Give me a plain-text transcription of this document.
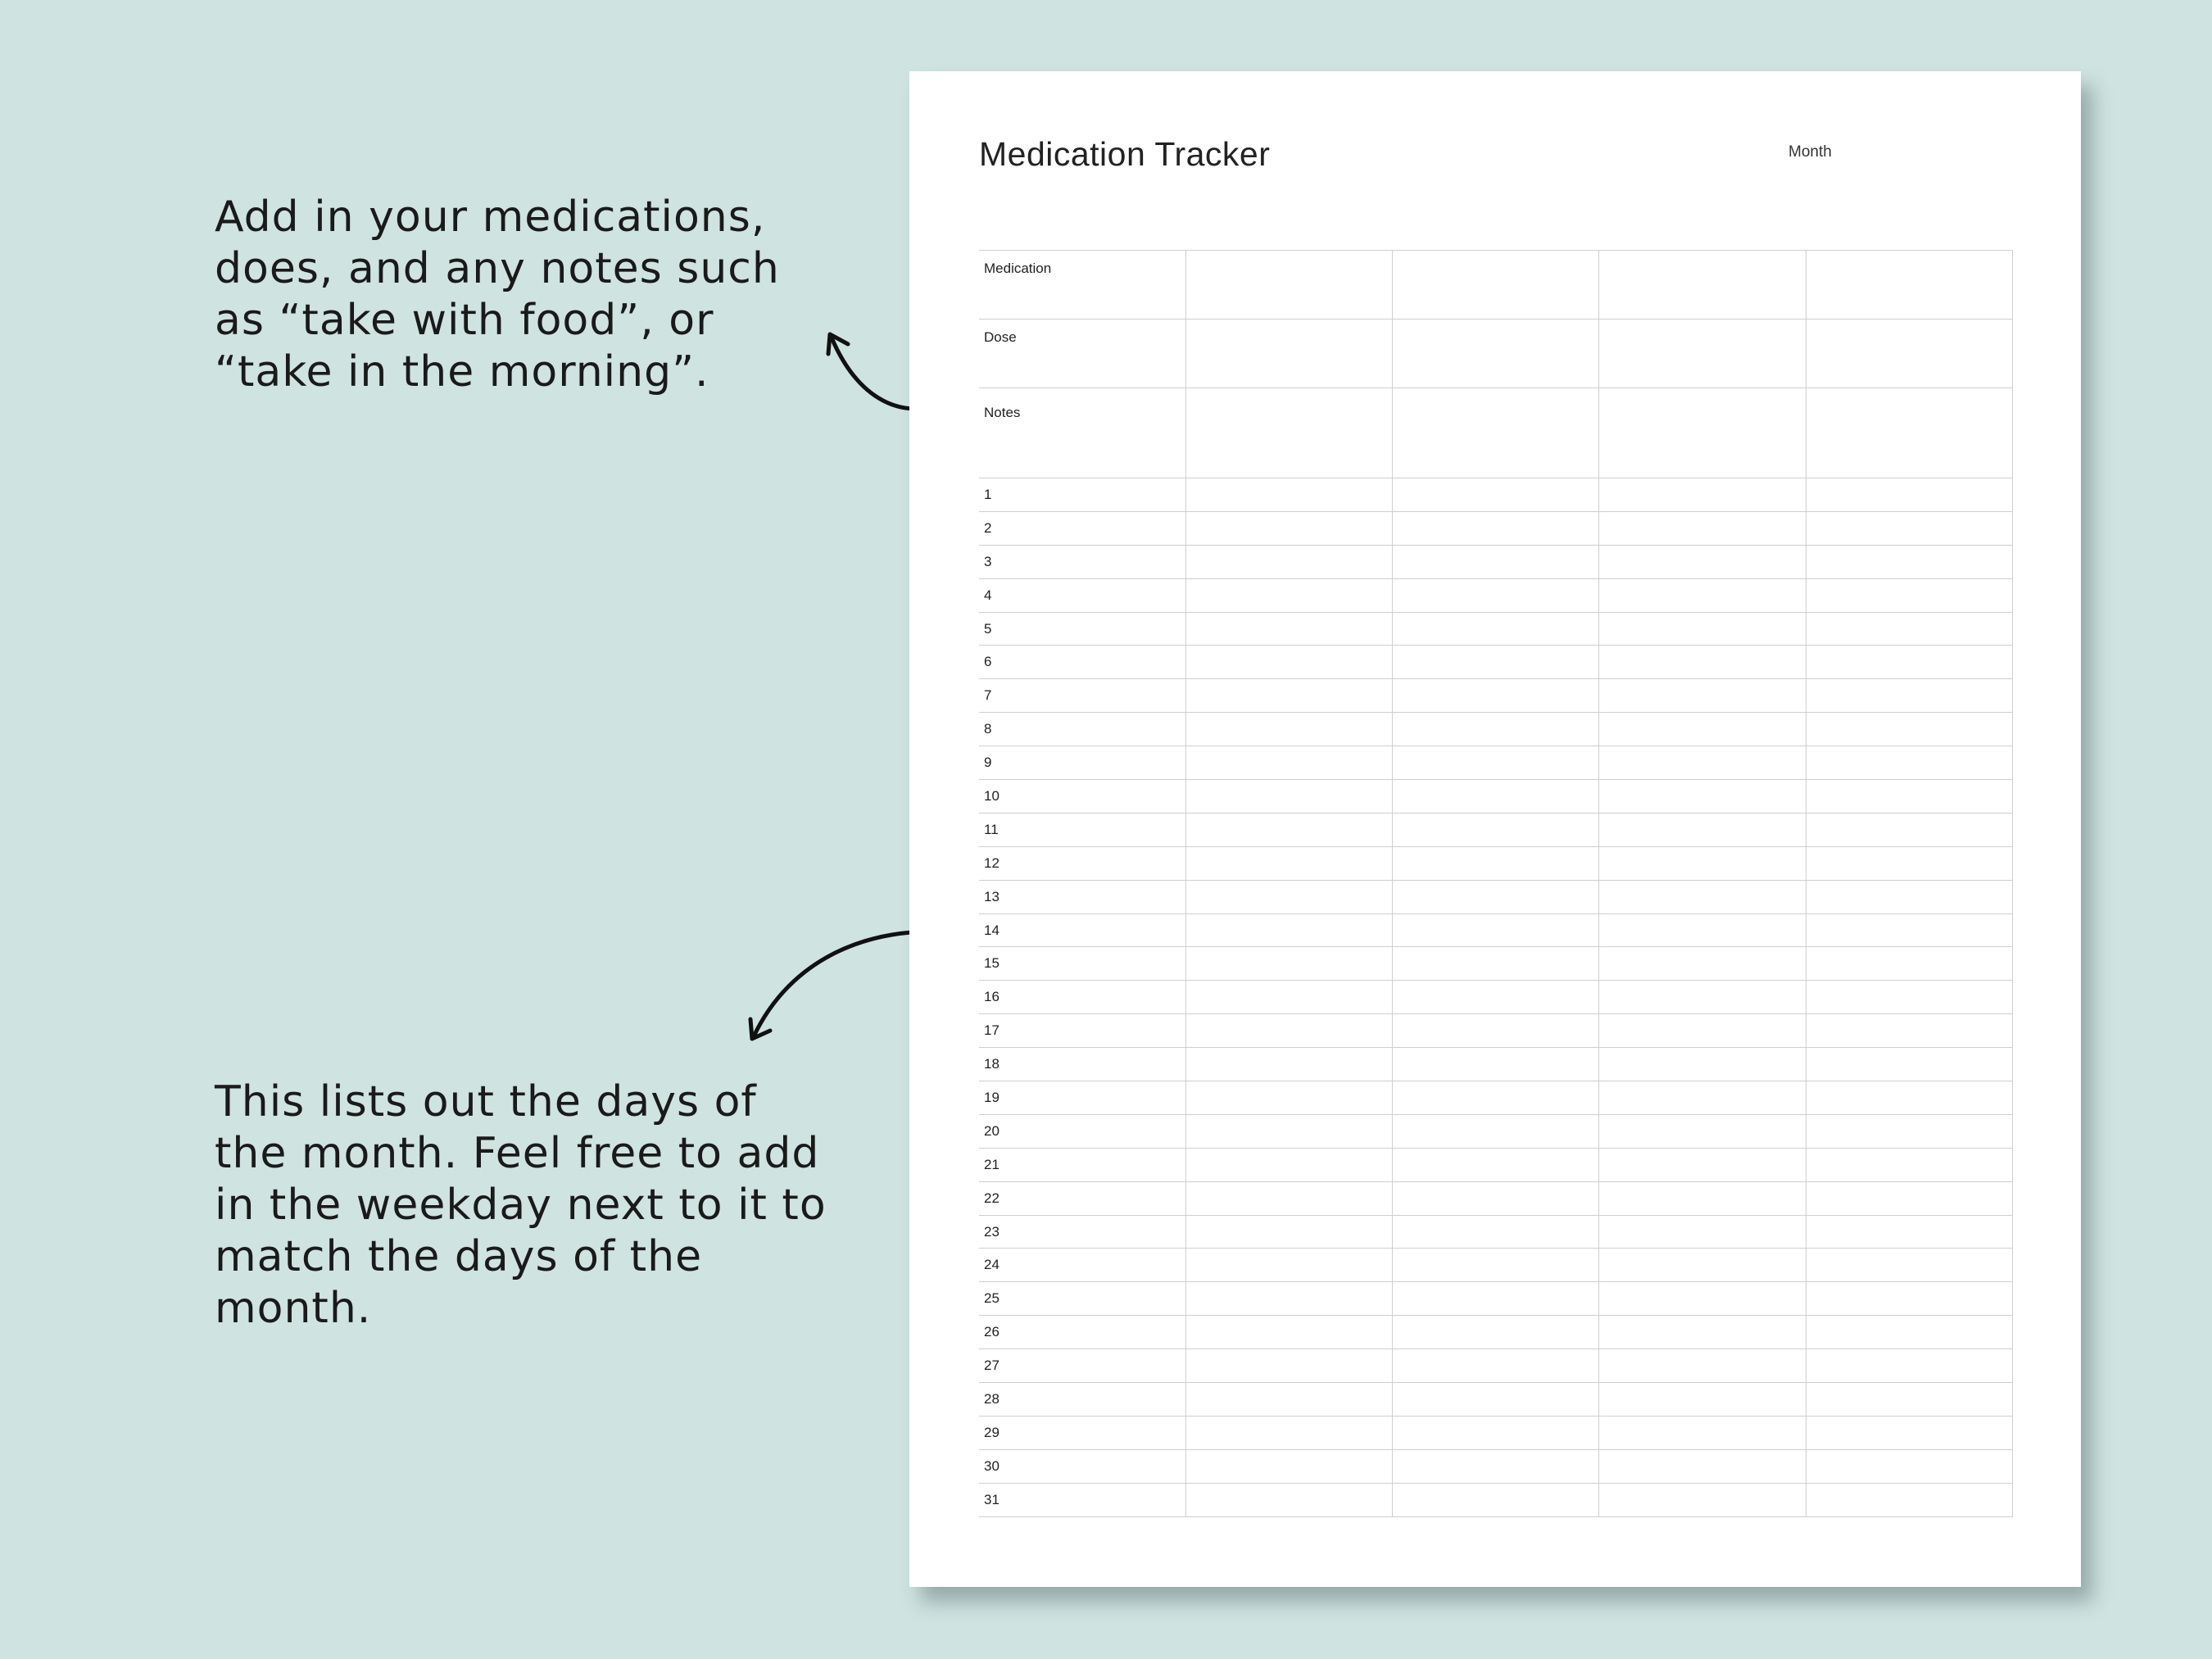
Add in your medications, does, and any notes such as “take with food”, or “take in the morning”.
This lists out the days of the month. Feel free to add in the weekday next to it to match the days of the month.
Medication Tracker	Month
Medication				
Dose				
Notes				
1				
2				
3				
4				
5				
6				
7				
8				
9				
10				
11				
12				
13				
14				
15				
16				
17				
18				
19				
20				
21				
22				
23				
24				
25				
26				
27				
28				
29				
30				
31				
